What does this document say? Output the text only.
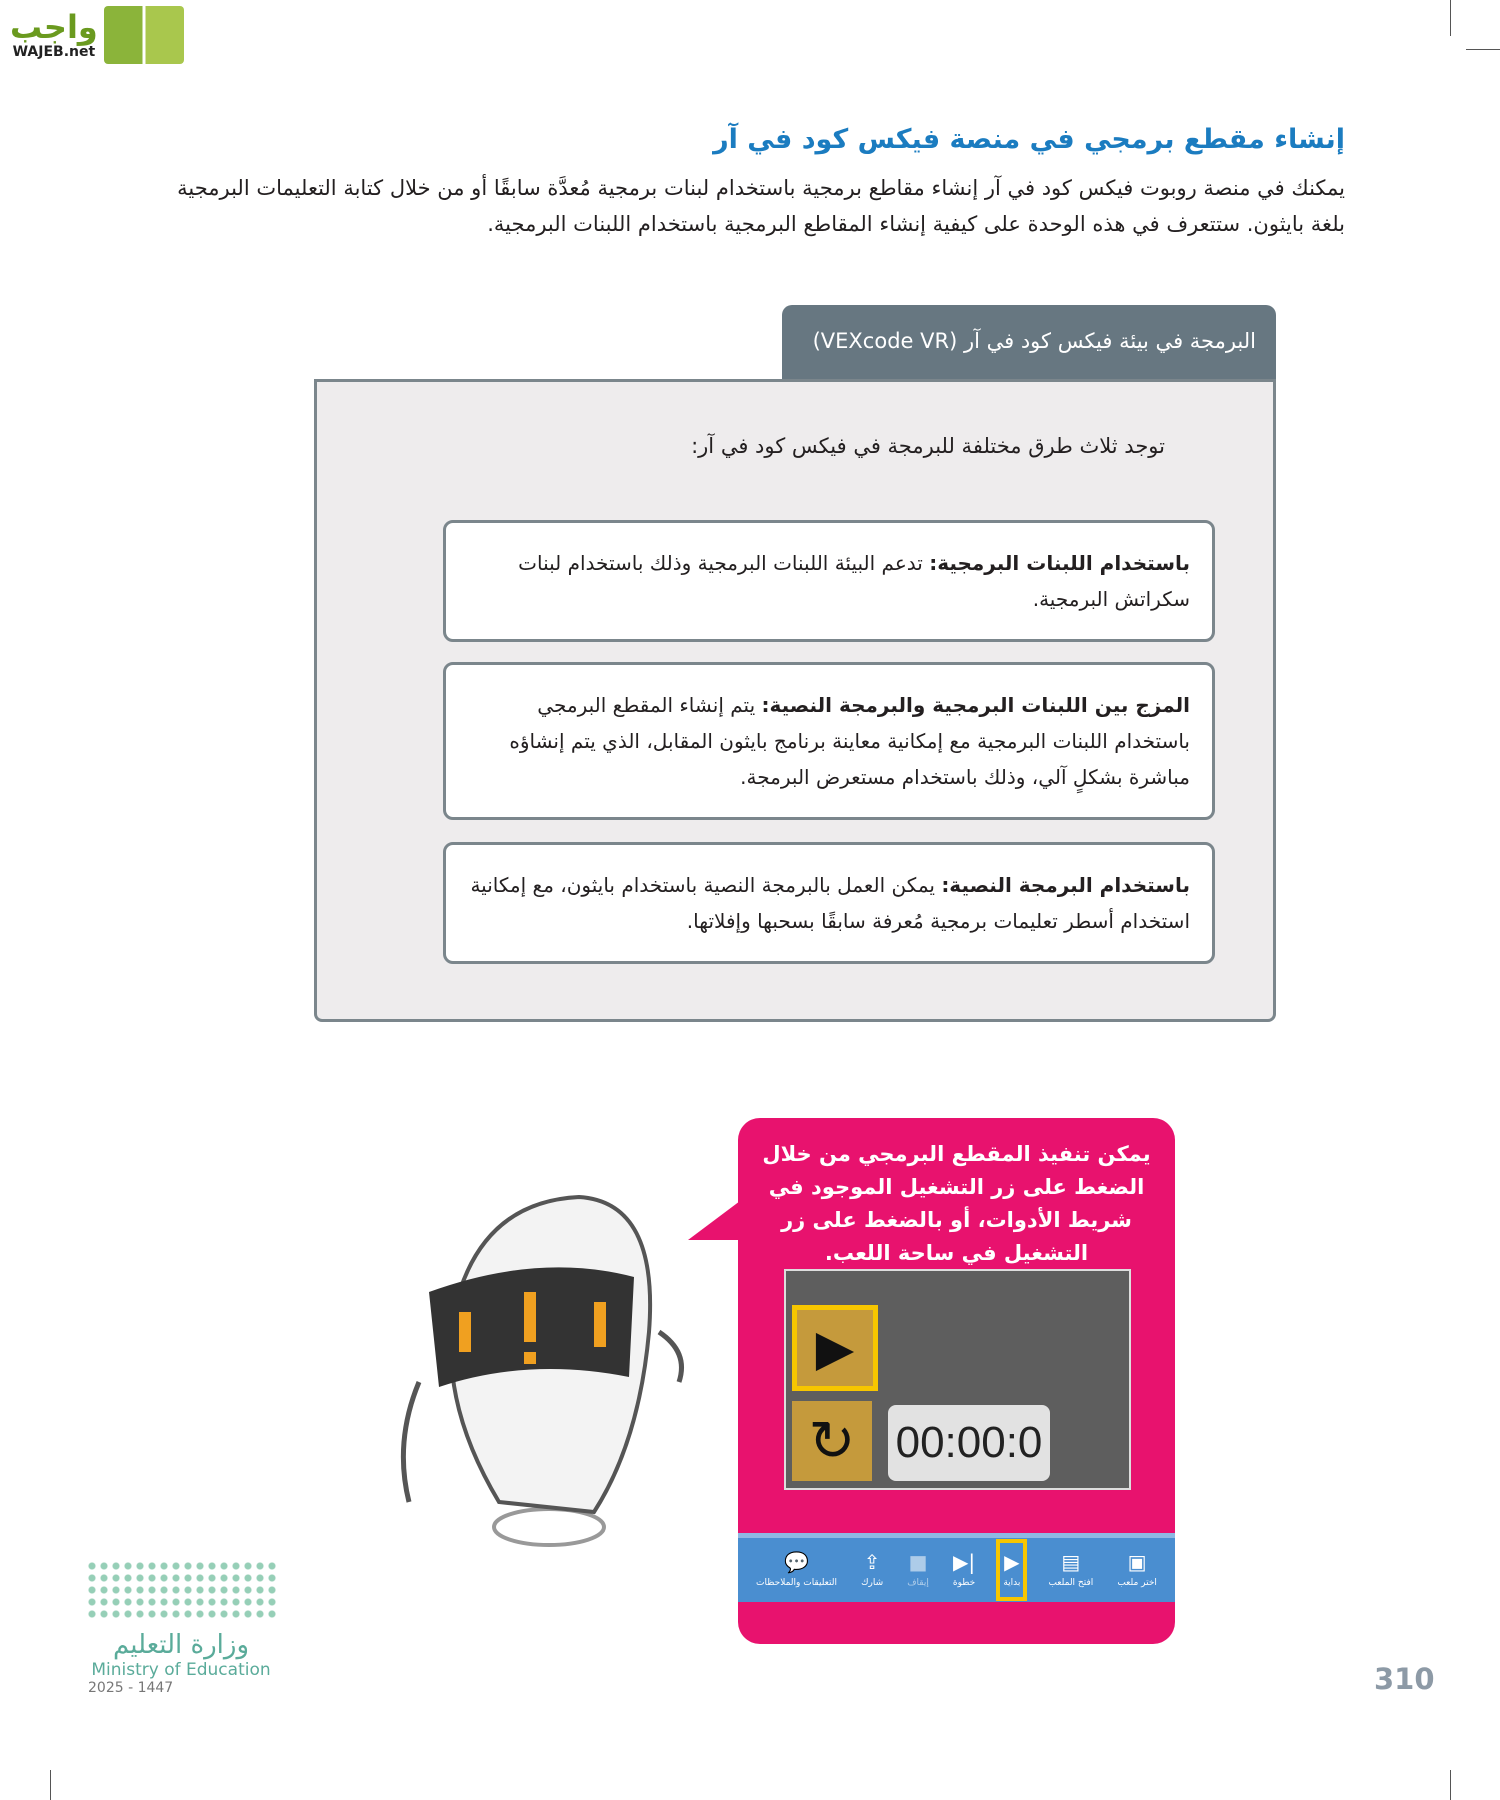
واجب
WAJEB.net
إنشاء مقطع برمجي في منصة فيكس كود في آر
يمكنك في منصة روبوت فيكس كود في آر إنشاء مقاطع برمجية باستخدام لبنات برمجية مُعدَّة سابقًا أو من خلال كتابة التعليمات البرمجية بلغة بايثون. ستتعرف في هذه الوحدة على كيفية إنشاء المقاطع البرمجية باستخدام اللبنات البرمجية.
البرمجة في بيئة فيكس كود في آر (VEXcode VR)
توجد ثلاث طرق مختلفة للبرمجة في فيكس كود في آر:
باستخدام اللبنات البرمجية: تدعم البيئة اللبنات البرمجية وذلك باستخدام لبنات سكراتش البرمجية.
المزج بين اللبنات البرمجية والبرمجة النصية: يتم إنشاء المقطع البرمجي باستخدام اللبنات البرمجية مع إمكانية معاينة برنامج بايثون المقابل، الذي يتم إنشاؤه مباشرة بشكلٍ آلي، وذلك باستخدام مستعرض البرمجة.
باستخدام البرمجة النصية: يمكن العمل بالبرمجة النصية باستخدام بايثون، مع إمكانية استخدام أسطر تعليمات برمجية مُعرفة سابقًا بسحبها وإفلاتها.
يمكن تنفيذ المقطع البرمجي من خلال الضغط على زر التشغيل الموجود في شريط الأدوات، أو بالضغط على زر التشغيل في ساحة اللعب.
▶
↻ 00:00:0
▣
اختر ملعب
▤
افتح الملعب
▶
بداية
▶|
خطوة
■
إيقاف
⇪
شارك
💬
التعليقات والملاحظات
310
وزارة التعليم
Ministry of Education
2025 - 1447
